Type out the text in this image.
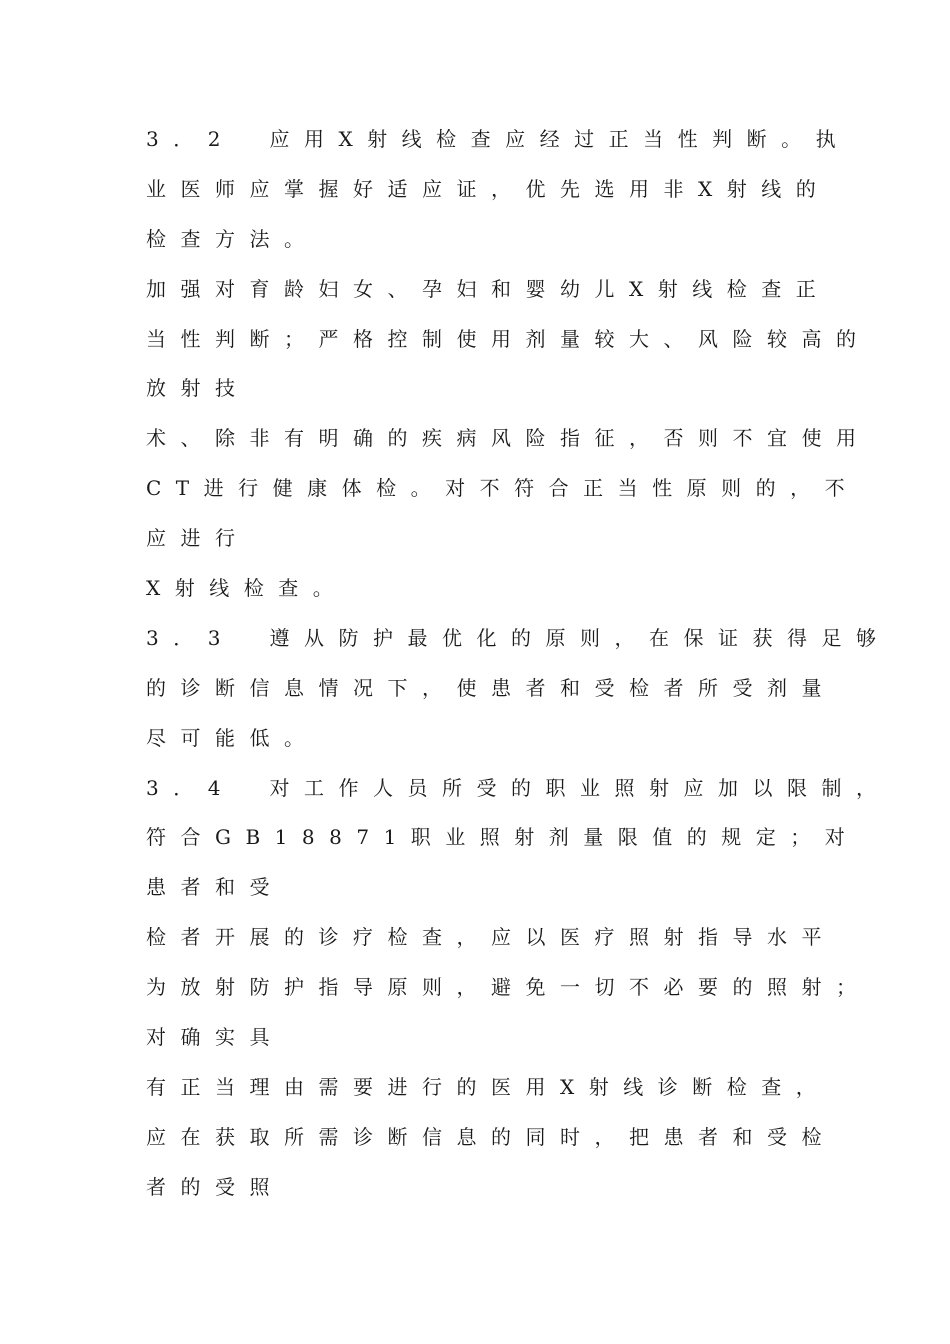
3．2　应用X射线检查应经过正当性判断。执
业医师应掌握好适应证，优先选用非X射线的
检查方法。
加强对育龄妇女、孕妇和婴幼儿X射线检查正
当性判断；严格控制使用剂量较大、风险较高的
放射技
术、除非有明确的疾病风险指征，否则不宜使用
CT进行健康体检。对不符合正当性原则的，不
应进行
X射线检查。
3．3　遵从防护最优化的原则，在保证获得足够
的诊断信息情况下，使患者和受检者所受剂量
尽可能低。
3．4　对工作人员所受的职业照射应加以限制，
符合GB18871职业照射剂量限值的规定；对
患者和受
检者开展的诊疗检查，应以医疗照射指导水平
为放射防护指导原则，避免一切不必要的照射；
对确实具
有正当理由需要进行的医用X射线诊断检查，
应在获取所需诊断信息的同时，把患者和受检
者的受照
